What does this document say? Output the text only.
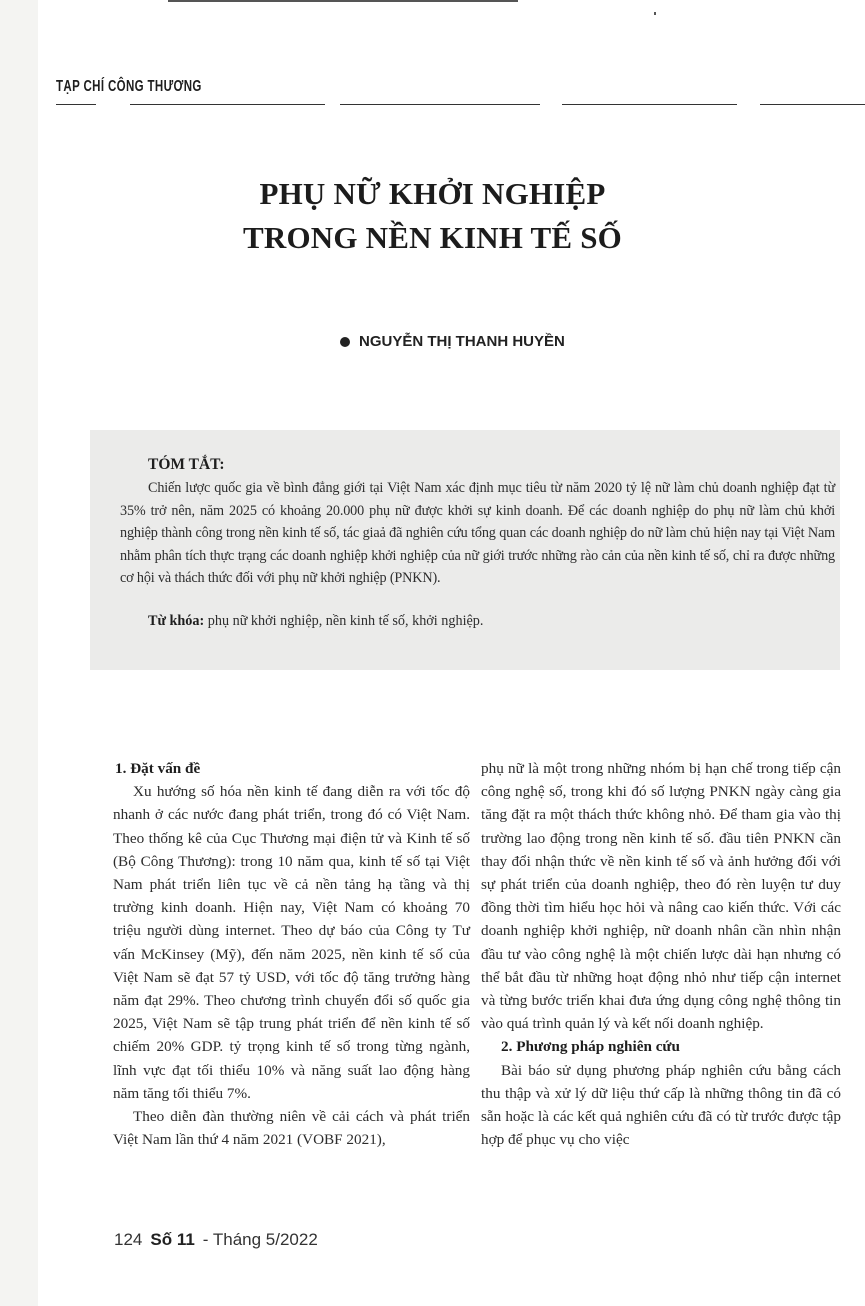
TẠP CHÍ CÔNG THƯƠNG
PHỤ NỮ KHỞI NGHIỆP
TRONG NỀN KINH TẾ SỐ
NGUYỄN THỊ THANH HUYỀN
TÓM TẮT:
Chiến lược quốc gia về bình đẳng giới tại Việt Nam xác định mục tiêu từ năm 2020 tỷ lệ nữ làm chủ doanh nghiệp đạt từ 35% trở nên, năm 2025 có khoảng 20.000 phụ nữ được khởi sự kinh doanh. Để các doanh nghiệp do phụ nữ làm chủ khởi nghiệp thành công trong nền kinh tế số, tác giaả đã nghiên cứu tổng quan các doanh nghiệp do nữ làm chủ hiện nay tại Việt Nam nhằm phân tích thực trạng các doanh nghiệp khởi nghiệp của nữ giới trước những rào cản của nền kinh tế số, chỉ ra được những cơ hội và thách thức đối với phụ nữ khởi nghiệp (PNKN).
Từ khóa: phụ nữ khởi nghiệp, nền kinh tế số, khởi nghiệp.

1. Đặt vấn đề

Xu hướng số hóa nền kinh tế đang diễn ra với tốc độ nhanh ở các nước đang phát triển, trong đó có Việt Nam. Theo thống kê của Cục Thương mại điện tử và Kinh tế số (Bộ Công Thương): trong 10 năm qua, kinh tế số tại Việt Nam phát triển liên tục về cả nền tảng hạ tầng và thị trường kinh doanh. Hiện nay, Việt Nam có khoảng 70 triệu người dùng internet. Theo dự báo của Công ty Tư vấn McKinsey (Mỹ), đến năm 2025, nền kinh tế số của Việt Nam sẽ đạt 57 tỷ USD, với tốc độ tăng trưởng hàng năm đạt 29%. Theo chương trình chuyển đổi số quốc gia 2025, Việt Nam sẽ tập trung phát triển để nền kinh tế số chiếm 20% GDP. tỷ trọng kinh tế số trong từng ngành, lĩnh vực đạt tối thiểu 10% và năng suất lao động hàng năm tăng tối thiểu 7%.

Theo diễn đàn thường niên về cải cách và phát triển Việt Nam lần thứ 4 năm 2021 (VOBF 2021),

phụ nữ là một trong những nhóm bị hạn chế trong tiếp cận công nghệ số, trong khi đó số lượng PNKN ngày càng gia tăng đặt ra một thách thức không nhỏ. Để tham gia vào thị trường lao động trong nền kinh tế số. đầu tiên PNKN cần thay đổi nhận thức về nền kinh tế số và ảnh hưởng đối với sự phát triển của doanh nghiệp, theo đó rèn luyện tư duy đồng thời tìm hiểu học hỏi và nâng cao kiến thức. Với các doanh nghiệp khởi nghiệp, nữ doanh nhân cần nhìn nhận đầu tư vào công nghệ là một chiến lược dài hạn nhưng có thể bắt đầu từ những hoạt động nhỏ như tiếp cận internet và từng bước triển khai đưa ứng dụng công nghệ thông tin vào quá trình quản lý và kết nối doanh nghiệp.

2. Phương pháp nghiên cứu

Bài báo sử dụng phương pháp nghiên cứu bằng cách thu thập và xử lý dữ liệu thứ cấp là những thông tin đã có sẵn hoặc là các kết quả nghiên cứu đã có từ trước được tập hợp để phục vụ cho việc

124 Số 11 - Tháng 5/2022
